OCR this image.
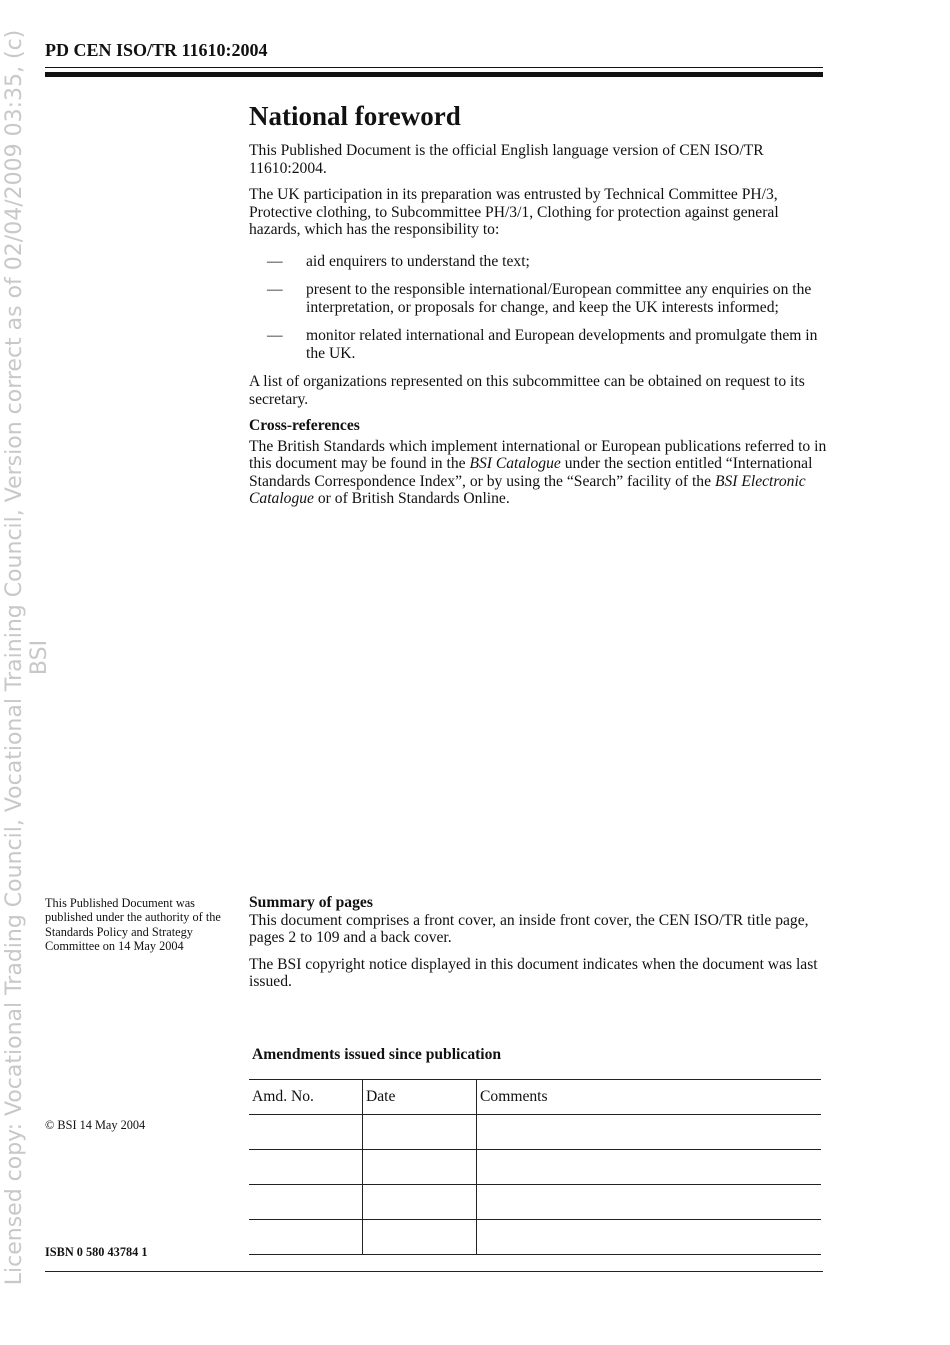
Licensed copy: Vocational Trading Council, Vocational Training Council, Version correct as of 02/04/2009 03:35, (c) BSI
PD CEN ISO/TR 11610:2004
National foreword

This Published Document is the official English language version of CEN ISO/TR 11610:2004.

The UK participation in its preparation was entrusted by Technical Committee PH/3, Protective clothing, to Subcommittee PH/3/1, Clothing for protection against general hazards, which has the responsibility to:

—	aid enquirers to understand the text;
—	present to the responsible international/European committee any enquiries on the interpretation, or proposals for change, and keep the UK interests informed;
—	monitor related international and European developments and promulgate them in the UK.

A list of organizations represented on this subcommittee can be obtained on request to its secretary.

Cross-references

The British Standards which implement international or European publications referred to in this document may be found in the BSI Catalogue under the section entitled “International Standards Correspondence Index”, or by using the “Search” facility of the BSI Electronic Catalogue or of British Standards Online.

This Published Document was published under the authority of the Standards Policy and Strategy Committee on 14 May 2004
Summary of pages

This document comprises a front cover, an inside front cover, the CEN ISO/TR title page, pages 2 to 109 and a back cover.

The BSI copyright notice displayed in this document indicates when the document was last issued.

Amendments issued since publication
Amd. No.	Date	Comments

© BSI 14 May 2004
ISBN 0 580 43784 1
